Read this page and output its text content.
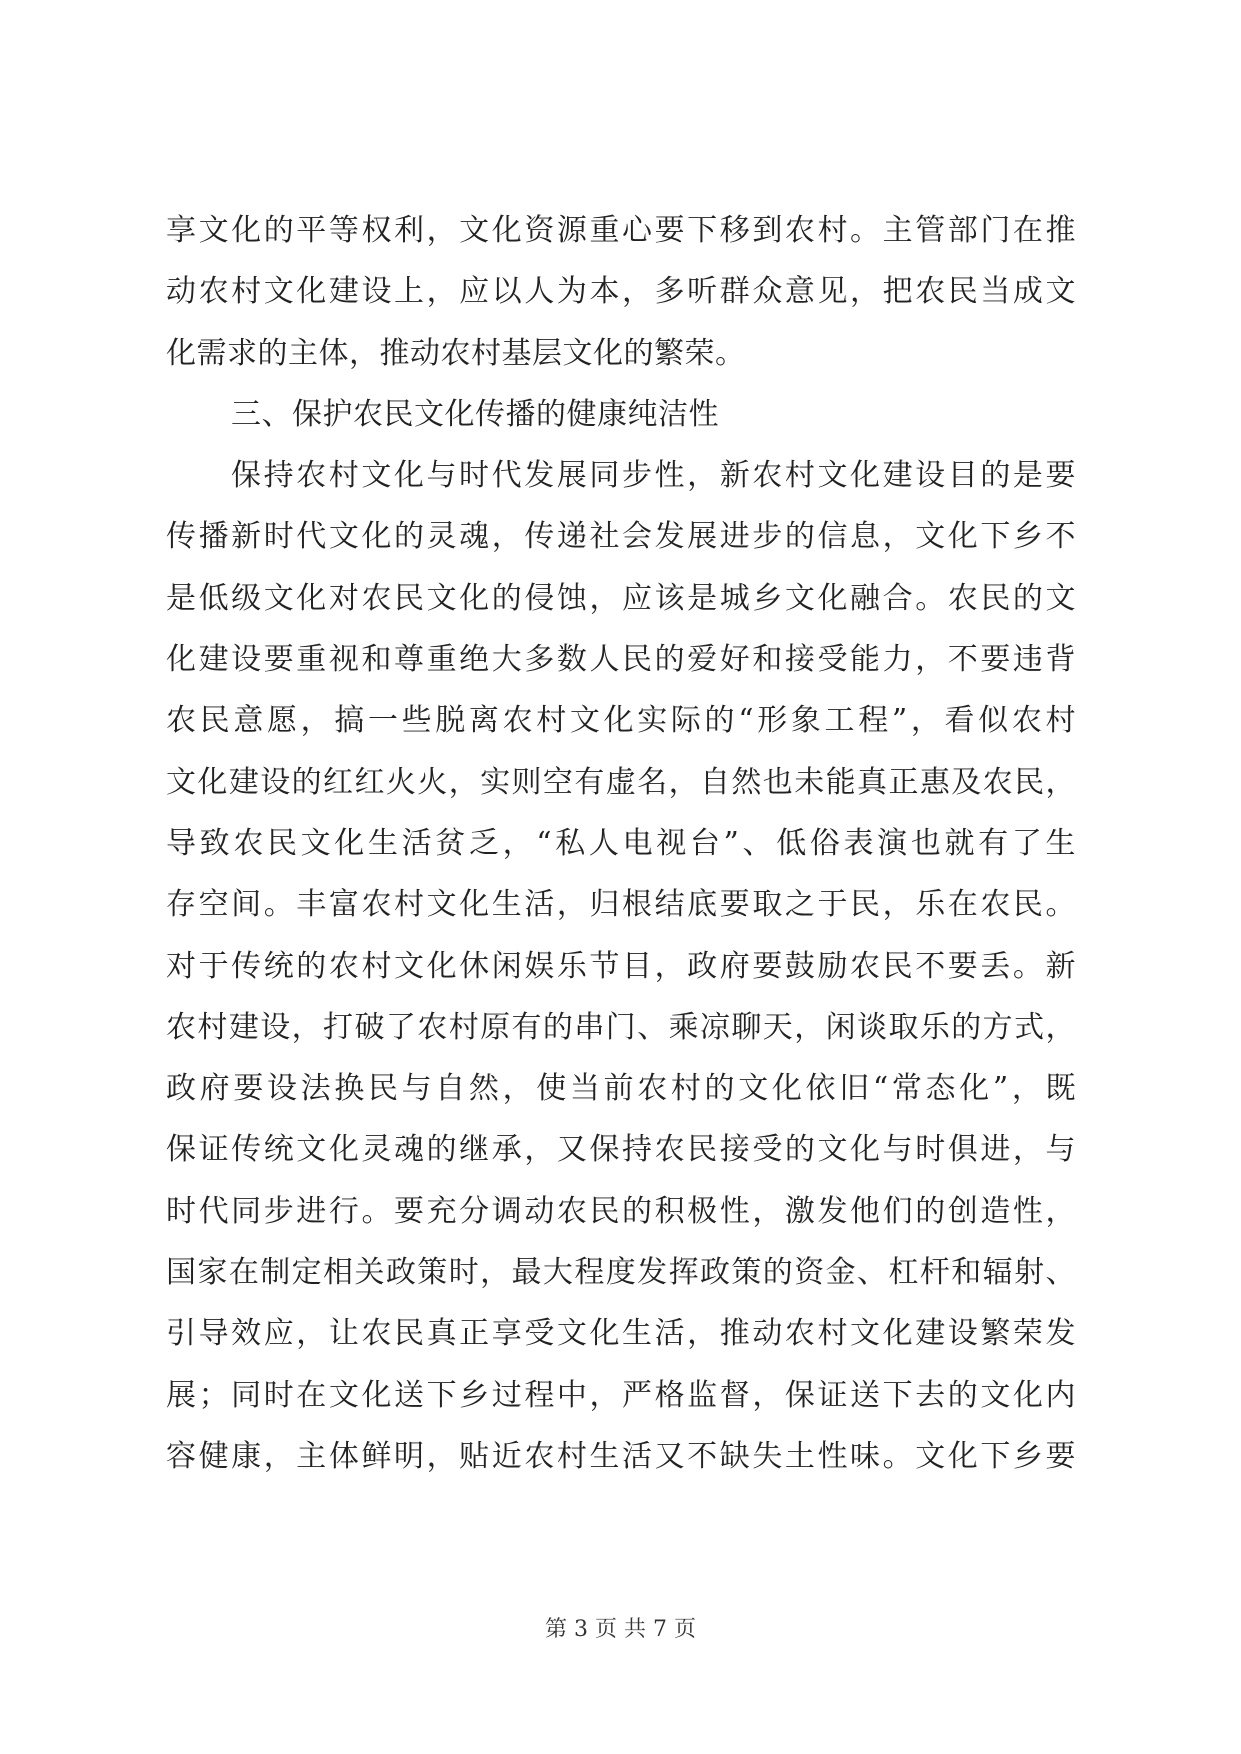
享文化的平等权利，文化资源重心要下移到农村。主管部门在推
动农村文化建设上，应以人为本，多听群众意见，把农民当成文
化需求的主体，推动农村基层文化的繁荣。
三、保护农民文化传播的健康纯洁性
保持农村文化与时代发展同步性，新农村文化建设目的是要
传播新时代文化的灵魂，传递社会发展进步的信息，文化下乡不
是低级文化对农民文化的侵蚀，应该是城乡文化融合。农民的文
化建设要重视和尊重绝大多数人民的爱好和接受能力，不要违背
农民意愿，搞一些脱离农村文化实际的“形象工程”，看似农村
文化建设的红红火火，实则空有虚名，自然也未能真正惠及农民，
导致农民文化生活贫乏，“私人电视台”、低俗表演也就有了生
存空间。丰富农村文化生活，归根结底要取之于民，乐在农民。
对于传统的农村文化休闲娱乐节目，政府要鼓励农民不要丢。新
农村建设，打破了农村原有的串门、乘凉聊天，闲谈取乐的方式，
政府要设法换民与自然，使当前农村的文化依旧“常态化”，既
保证传统文化灵魂的继承，又保持农民接受的文化与时俱进，与
时代同步进行。要充分调动农民的积极性，激发他们的创造性，
国家在制定相关政策时，最大程度发挥政策的资金、杠杆和辐射、
引导效应，让农民真正享受文化生活，推动农村文化建设繁荣发
展；同时在文化送下乡过程中，严格监督，保证送下去的文化内
容健康，主体鲜明，贴近农村生活又不缺失土性味。文化下乡要
第 3 页 共 7 页
